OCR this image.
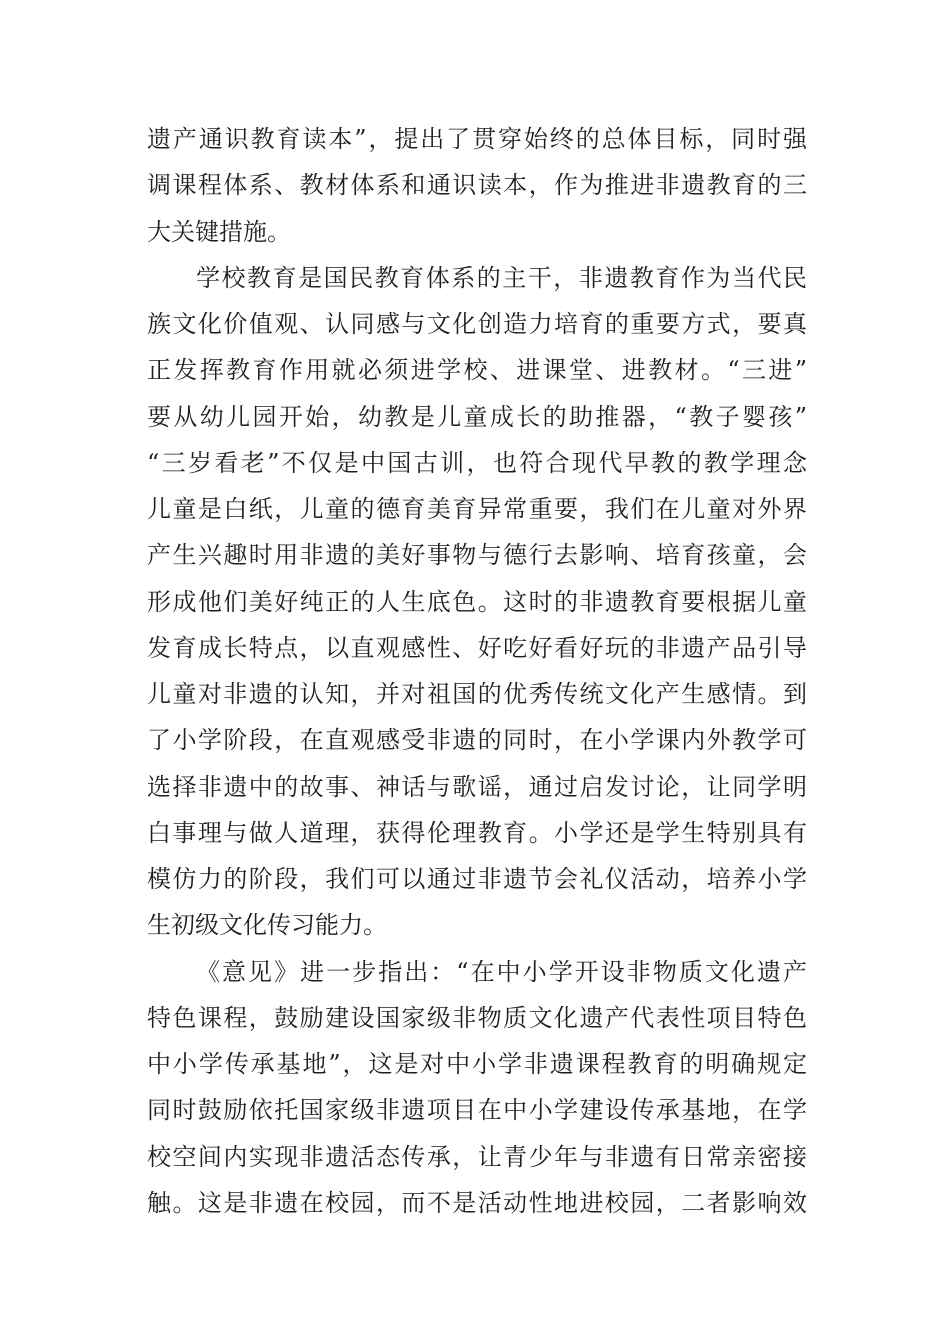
遗产通识教育读本”，提出了贯穿始终的总体目标，同时强
调课程体系、教材体系和通识读本，作为推进非遗教育的三
大关键措施。
学校教育是国民教育体系的主干，非遗教育作为当代民
族文化价值观、认同感与文化创造力培育的重要方式，要真
正发挥教育作用就必须进学校、进课堂、进教材。“三进”
要从幼儿园开始，幼教是儿童成长的助推器，“教子婴孩”
“三岁看老”不仅是中国古训，也符合现代早教的教学理念
儿童是白纸，儿童的德育美育异常重要，我们在儿童对外界
产生兴趣时用非遗的美好事物与德行去影响、培育孩童，会
形成他们美好纯正的人生底色。这时的非遗教育要根据儿童
发育成长特点，以直观感性、好吃好看好玩的非遗产品引导
儿童对非遗的认知，并对祖国的优秀传统文化产生感情。到
了小学阶段，在直观感受非遗的同时，在小学课内外教学可
选择非遗中的故事、神话与歌谣，通过启发讨论，让同学明
白事理与做人道理，获得伦理教育。小学还是学生特别具有
模仿力的阶段，我们可以通过非遗节会礼仪活动，培养小学
生初级文化传习能力。
《意见》进一步指出：“在中小学开设非物质文化遗产
特色课程，鼓励建设国家级非物质文化遗产代表性项目特色
中小学传承基地”，这是对中小学非遗课程教育的明确规定
同时鼓励依托国家级非遗项目在中小学建设传承基地，在学
校空间内实现非遗活态传承，让青少年与非遗有日常亲密接
触。这是非遗在校园，而不是活动性地进校园，二者影响效
